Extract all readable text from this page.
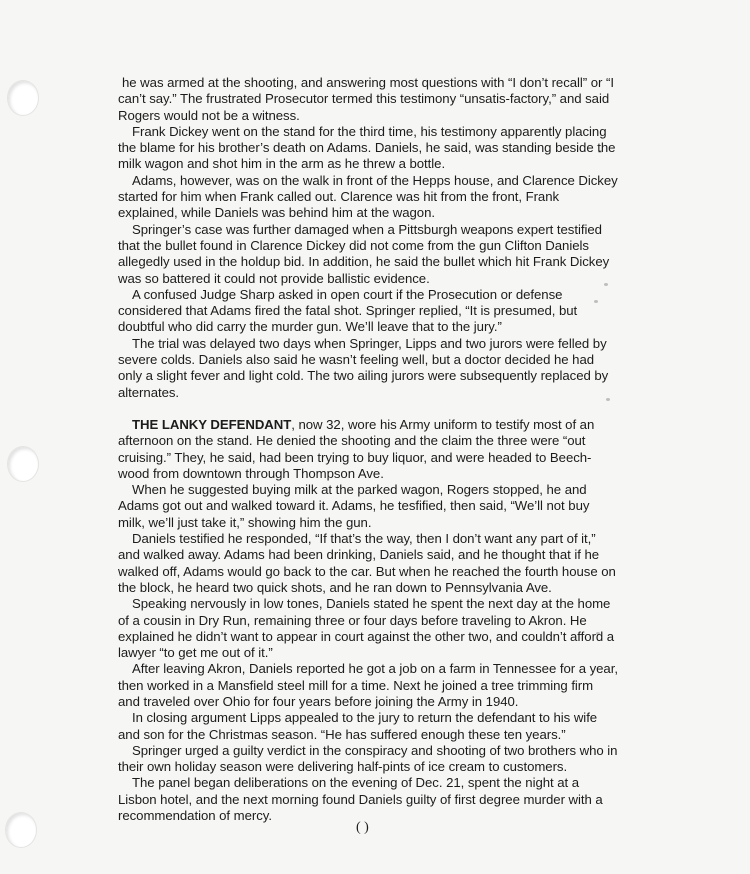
he was armed at the shooting, and answering most questions with “I don’t recall” or “I can’t say.” The frustrated Prosecutor termed this testimony “unsatis-factory,” and said Rogers would not be a witness.

Frank Dickey went on the stand for the third time, his testimony apparently placing the blame for his brother’s death on Adams. Daniels, he said, was standing beside the milk wagon and shot him in the arm as he threw a bottle.

Adams, however, was on the walk in front of the Hepps house, and Clarence Dickey started for him when Frank called out. Clarence was hit from the front, Frank explained, while Daniels was behind him at the wagon.

Springer’s case was further damaged when a Pittsburgh weapons expert testified that the bullet found in Clarence Dickey did not come from the gun Clifton Daniels allegedly used in the holdup bid. In addition, he said the bullet which hit Frank Dickey was so battered it could not provide ballistic evidence.

A confused Judge Sharp asked in open court if the Prosecution or defense considered that Adams fired the fatal shot. Springer replied, “It is presumed, but doubtful who did carry the murder gun. We’ll leave that to the jury.”

The trial was delayed two days when Springer, Lipps and two jurors were felled by severe colds. Daniels also said he wasn’t feeling well, but a doctor decided he had only a slight fever and light cold. The two ailing jurors were subsequently replaced by alternates.

THE LANKY DEFENDANT, now 32, wore his Army uniform to testify most of an afternoon on the stand. He denied the shooting and the claim the three were “out cruising.” They, he said, had been trying to buy liquor, and were headed to Beech-wood from downtown through Thompson Ave.

When he suggested buying milk at the parked wagon, Rogers stopped, he and Adams got out and walked toward it. Adams, he tesfified, then said, “We’ll not buy milk, we’ll just take it,” showing him the gun.

Daniels testified he responded, “If that’s the way, then I don’t want any part of it,” and walked away. Adams had been drinking, Daniels said, and he thought that if he walked off, Adams would go back to the car. But when he reached the fourth house on the block, he heard two quick shots, and he ran down to Pennsylvania Ave.

Speaking nervously in low tones, Daniels stated he spent the next day at the home of a cousin in Dry Run, remaining three or four days before traveling to Akron. He explained he didn’t want to appear in court against the other two, and couldn’t afford a lawyer “to get me out of it.”

After leaving Akron, Daniels reported he got a job on a farm in Tennessee for a year, then worked in a Mansfield steel mill for a time. Next he joined a tree trimming firm and traveled over Ohio for four years before joining the Army in 1940.

In closing argument Lipps appealed to the jury to return the defendant to his wife and son for the Christmas season. “He has suffered enough these ten years.”

Springer urged a guilty verdict in the conspiracy and shooting of two brothers who in their own holiday season were delivering half-pints of ice cream to customers.

The panel began deliberations on the evening of Dec. 21, spent the night at a Lisbon hotel, and the next morning found Daniels guilty of first degree murder with a recommendation of mercy.

( )
